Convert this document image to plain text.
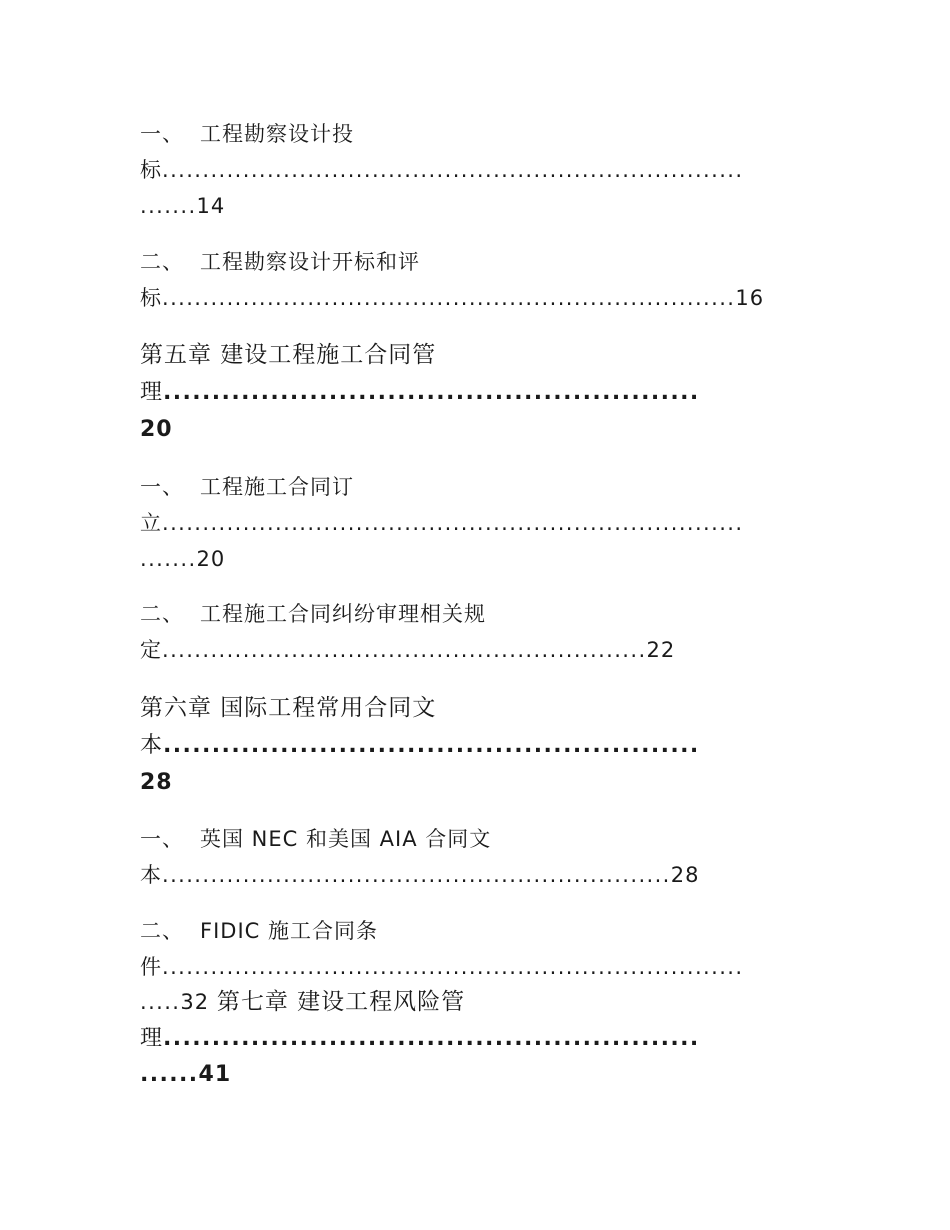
一、 工程勘察设计投
标........................................................................
.......14
二、 工程勘察设计开标和评
标.......................................................................16
第五章 建设工程施工合同管
理.......................................................
20
一、 工程施工合同订
立........................................................................
.......20
二、 工程施工合同纠纷审理相关规
定............................................................22
第六章 国际工程常用合同文
本.......................................................
28
一、 英国 NEC 和美国 AIA 合同文
本...............................................................28
二、 FIDIC 施工合同条
件........................................................................
.....32 第七章 建设工程风险管
理.......................................................
......41
